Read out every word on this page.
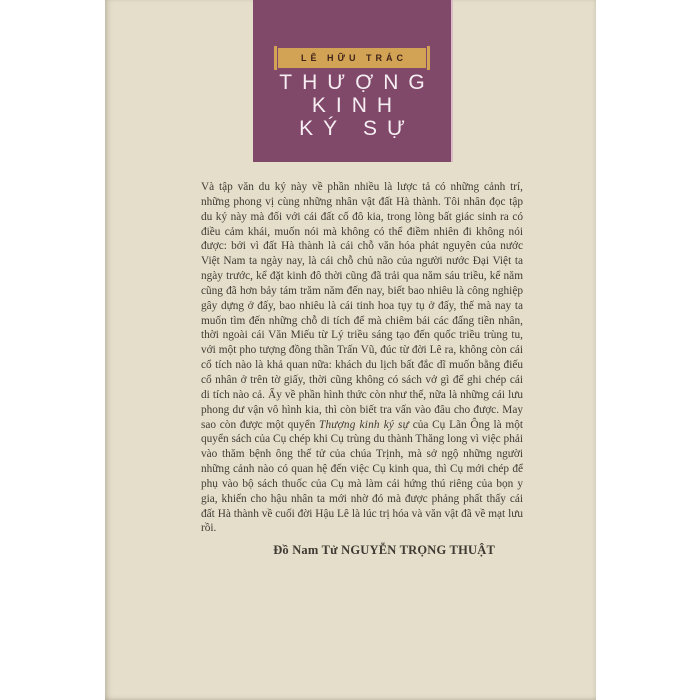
LÊ HỮU TRÁC
THƯỢNG
KINH
KÝ SỰ

Và tập văn du ký này về phần nhiều là lược tả có những cảnh trí, những phong vị cùng những nhân vật đất Hà thành. Tôi nhân đọc tập du ký này mà đối với cái đất cố đô kia, trong lòng bất giác sinh ra có điều cảm khái, muốn nói mà không có thể điềm nhiên đi không nói được: bởi vì đất Hà thành là cái chỗ văn hóa phát nguyên của nước Việt Nam ta ngày nay, là cái chỗ chủ não của người nước Đại Việt ta ngày trước, kể đặt kinh đô thời cũng đã trải qua năm sáu triều, kể năm cũng đã hơn bảy tám trăm năm đến nay, biết bao nhiêu là công nghiệp gây dựng ở đấy, bao nhiêu là cái tinh hoa tụy tụ ở đấy, thế mà nay ta muốn tìm đến những chỗ di tích để mà chiêm bái các đấng tiền nhân, thời ngoài cái Văn Miếu từ Lý triều sáng tạo đến quốc triều trùng tu, với một pho tượng đồng thần Trấn Vũ, đúc từ đời Lê ra, không còn cái cổ tích nào là khả quan nữa: khách du lịch bất đắc dĩ muốn bằng điếu cổ nhân ở trên tờ giấy, thời cũng không có sách vở gì để ghi chép cái di tích nào cả. Ấy về phần hình thức còn như thế, nữa là những cái lưu phong dư vận vô hình kia, thì còn biết tra vấn vào đâu cho được. May sao còn được một quyển Thượng kinh ký sự của Cụ Lãn Ông là một quyển sách của Cụ chép khi Cụ trùng du thành Thăng long vì việc phải vào thăm bệnh ông thế tử của chúa Trịnh, mà sở ngộ những người những cảnh nào có quan hệ đến việc Cụ kinh qua, thì Cụ mới chép để phụ vào bộ sách thuốc của Cụ mà làm cái hứng thú riêng của bọn y gia, khiến cho hậu nhân ta mới nhờ đó mà được phảng phất thấy cái đất Hà thành về cuối đời Hậu Lê là lúc trị hóa và văn vật đã về mạt lưu rồi.

Đồ Nam Tử NGUYỄN TRỌNG THUẬT
